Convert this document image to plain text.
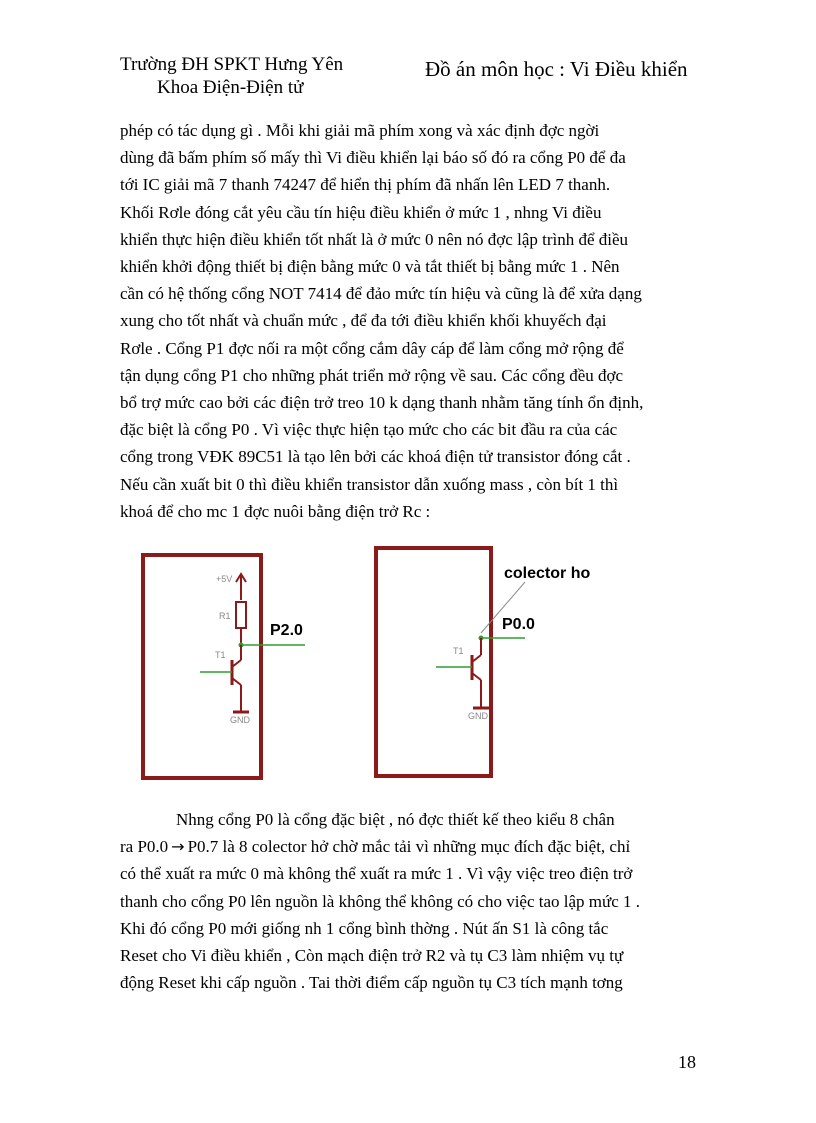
Trường ĐH SPKT Hưng Yên
Khoa Điện-Điện tử
Đồ án môn học : Vi Điều khiển
phép có tác dụng gì . Mỗi khi giải mã phím xong và xác định đợc ngời
dùng đã bấm phím số mấy thì Vi điều khiển lại báo số đó ra cổng P0 để đa
tới IC giải mã 7 thanh 74247 để hiển thị phím đã nhấn lên LED 7 thanh.
Khối Rơle đóng cắt yêu cầu tín hiệu điều khiển ở mức 1 , nhng Vi điều
khiển thực hiện điều khiển tốt nhất là ở mức 0 nên nó đợc lập trình để điều
khiển khởi động thiết bị điện bằng mức 0 và tắt thiết bị bằng mức 1 . Nên
cần có hệ thống cổng NOT 7414 để đảo mức tín hiệu và cũng là để xửa dạng
xung cho tốt nhất và chuẩn mức , để đa tới điều khiển khối khuyếch đại
Rơle . Cổng P1 đợc nối ra một cổng cắm dây cáp để làm cổng mở rộng để
tận dụng cổng P1 cho những phát triển mở rộng về sau. Các cổng đều đợc
bổ trợ mức cao bởi các điện trở treo 10 k dạng thanh nhằm tăng tính ổn định,
đặc biệt là cổng P0 . Vì việc thực hiện tạo mức cho các bit đầu ra của các
cổng trong VĐK 89C51 là tạo lên bởi các khoá điện tử transistor đóng cắt .
Nếu cần xuất bit 0 thì điều khiển transistor dẫn xuống mass , còn bít 1 thì
khoá để cho mc 1 đợc nuôi bằng điện trở Rc :
+5V
R1
P2.0
T1
GND
colector ho
P0.0
T1
GND
Nhng cổng P0 là cổng đặc biệt , nó đợc thiết kế theo kiểu 8 chân
ra P0.0 → P0.7 là 8 colector hở chờ mắc tải vì những mục đích đặc biệt, chỉ
có thể xuất ra mức 0 mà không thể xuất ra mức 1 . Vì vậy việc treo điện trở
thanh cho cổng P0 lên nguồn là không thể không có cho việc tao lập mức 1 .
Khi đó cổng P0 mới giống nh 1 cổng bình thờng . Nút ấn S1 là công tắc
Reset cho Vi điều khiển , Còn mạch điện trở R2 và tụ C3 làm nhiệm vụ tự
động Reset khi cấp nguồn . Tai thời điểm cấp nguồn tụ C3 tích mạnh tơng
18
